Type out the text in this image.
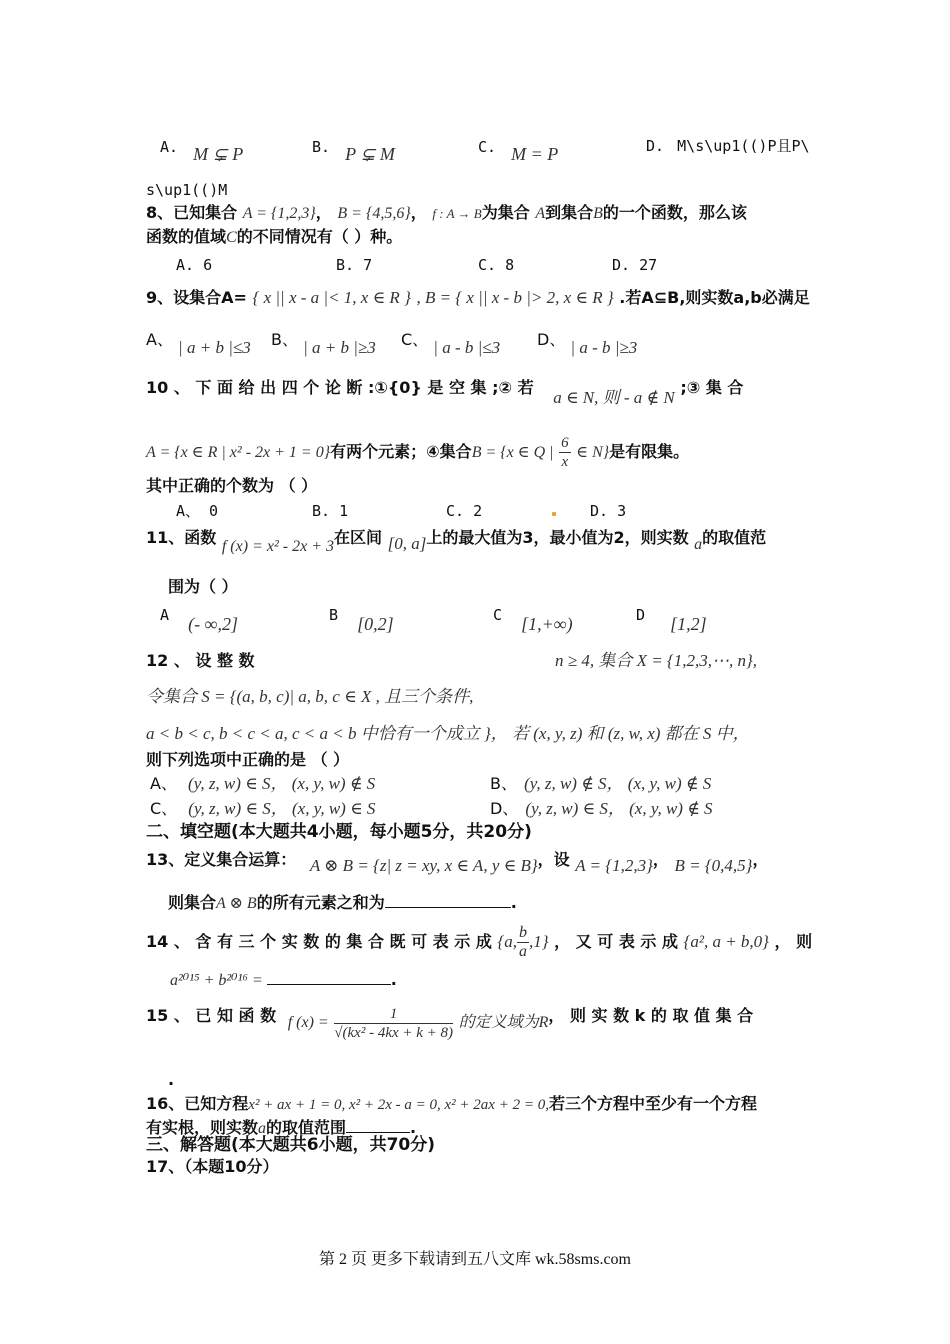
A. M ⊊ P	B. P ⊊ M	C. M = P	D. M\s\up1(()P且P\
s\up1(()M
8、已知集合 A = {1,2,3}， B = {4,5,6}， f : A → B为集合 A到集合B的一个函数，那么该
函数的值域C的不同情况有（ ）种。
A. 6	B. 7	C. 8	D. 27
9、设集合A= { x || x - a |< 1, x ∈ R } , B = { x || x - b |> 2, x ∈ R } .若A⊆B,则实数a,b必满足
A、 | a + b |≤3 B、 | a + b |≥3 C、 | a - b |≤3 D、 | a - b |≥3
10 、 下 面 给 出 四 个 论 断 :①{0} 是 空 集 ;② 若 a ∈ N, 则 - a ∉ N ;③ 集 合
A = {x ∈ R | x² - 2x + 1 = 0}有两个元素；④集合B = {x ∈ Q | $\frac{6}{x}$ ∈ N}是有限集。
其中正确的个数为 （ ）
A、 0	B. 1	C. 2	D. 3
11、函数 f (x) = x² - 2x + 3在区间 [0, a]上的最大值为3，最小值为2，则实数 a的取值范
围为（ ）
A (- ∞,2]	B [0,2]	C [1,+∞)	D [1,2]
12 、 设 整 数	n ≥ 4, 集合 X = {1,2,3,⋯, n},
令集合 S = {(a, b, c)| a, b, c ∈ X , 且三个条件,
a < b < c, b < c < a, c < a < b 中恰有一个成立 }， 若 (x, y, z) 和 (z, w, x) 都在 S 中，
则下列选项中正确的是 （ ）
A、 (y, z, w) ∈ S， (x, y, w) ∉ S	B、 (y, z, w) ∉ S， (x, y, w) ∉ S
C、 (y, z, w) ∈ S， (x, y, w) ∈ S	D、 (y, z, w) ∈ S， (x, y, w) ∉ S
二、填空题(本大题共4小题，每小题5分，共20分)
13、定义集合运算： A ⊗ B = {z| z = xy, x ∈ A, y ∈ B}，设 A = {1,2,3}， B = {0,4,5}，
则集合A ⊗ B的所有元素之和为	.
14 、 含 有 三 个 实 数 的 集 合 既 可 表 示 成 {a, $\frac{b}{a} ,1$} ， 又 可 表 示 成 {a², a + b,0} ， 则
a²⁰¹⁵ + b²⁰¹⁶ =	.
15 、 已 知 函 数 f $(x) = \frac{1}{\text{√(kx² - 4kx + k + 8)}}$ 的定义域为R， 则 实 数 k 的 取 值 集 合
.
16、已知方程x² + ax + 1 = 0, x² + 2x - a = 0, x² + 2ax + 2 = 0,若三个方程中至少有一个方程
有实根，则实数a的取值范围	.
三、解答题(本大题共6小题，共70分)
17、（本题10分）
第 2 页 更多下载请到五八文库 wk.58sms.com
